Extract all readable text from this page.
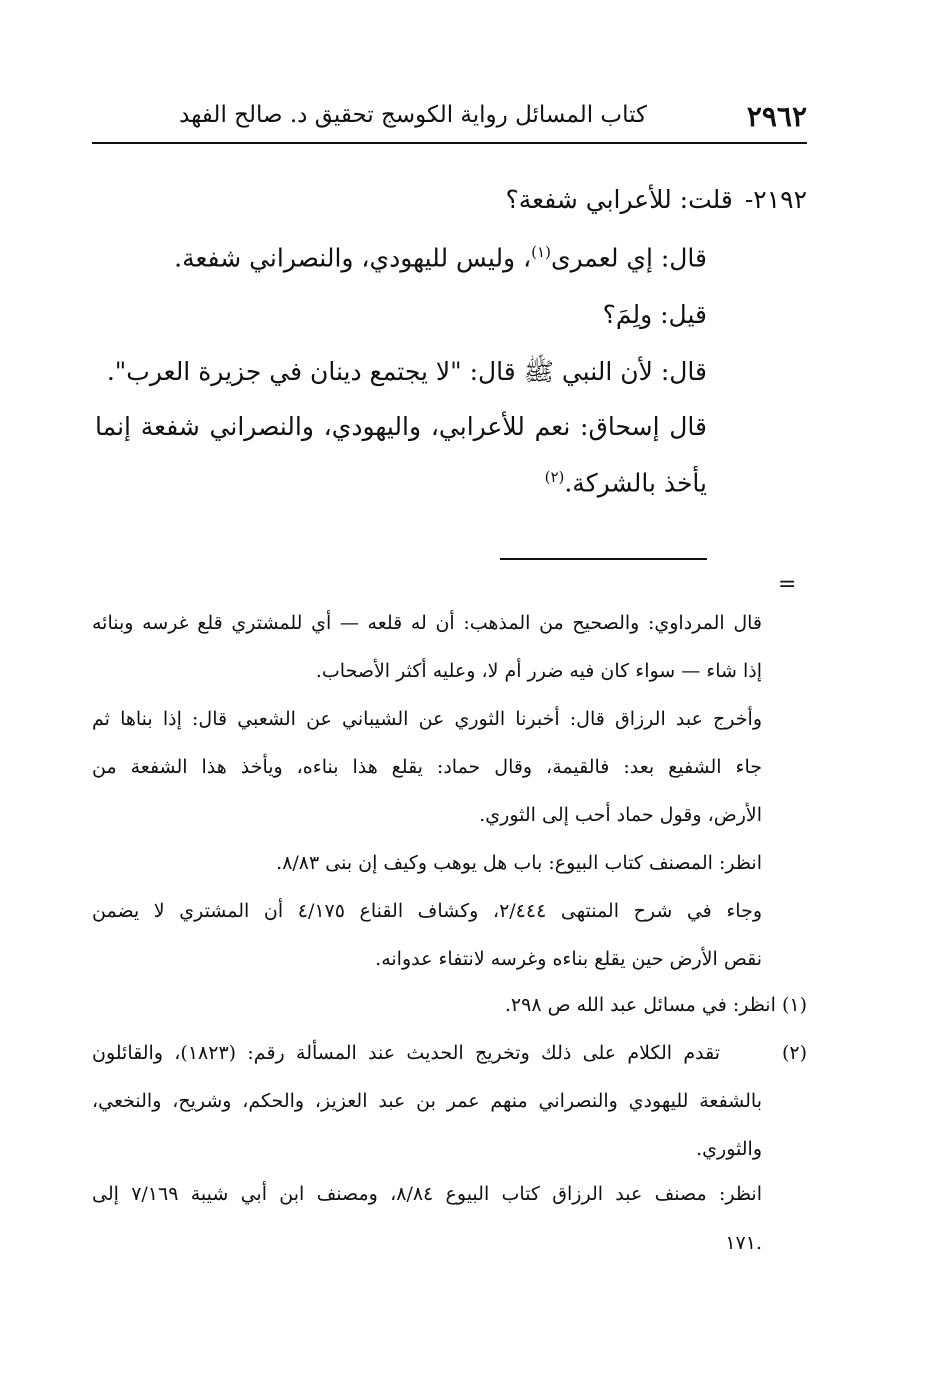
٢٩٦٢
كتاب المسائل رواية الكوسج تحقيق د. صالح الفهد
٢١٩٢- قلت: للأعرابي شفعة؟
قال: إي لعمرى$^{(١)}$، وليس لليهودي، والنصراني شفعة.
قيل: ولِمَ؟
قال: لأن النبي ﷺ قال: "لا يجتمع دينان في جزيرة العرب".
قال إسحاق: نعم للأعرابي، واليهودي، والنصراني شفعة إنما
يأخذ بالشركة.$^{(٢)}$
=
قال المرداوي: والصحيح من المذهب: أن له قلعه — أي للمشتري قلع غرسه وبنائه
إذا شاء — سواء كان فيه ضرر أم لا، وعليه أكثر الأصحاب.
وأخرج عبد الرزاق قال: أخبرنا الثوري عن الشيباني عن الشعبي قال: إذا بناها ثم
جاء الشفيع بعد: فالقيمة، وقال حماد: يقلع هذا بناءه، ويأخذ هذا الشفعة من
الأرض، وقول حماد أحب إلى الثوري.
انظر: المصنف كتاب البيوع: باب هل يوهب وكيف إن بنى ٨/٨٣.
وجاء في شرح المنتهى ٢/٤٤٤، وكشاف القناع ٤/١٧٥ أن المشتري لا يضمن
نقص الأرض حين يقلع بناءه وغرسه لانتفاء عدوانه.
(١) انظر: في مسائل عبد الله ص ٢٩٨.
(٢)
تقدم الكلام على ذلك وتخريج الحديث عند المسألة رقم: (١٨٢٣)، والقائلون
بالشفعة لليهودي والنصراني منهم عمر بن عبد العزيز، والحكم، وشريح، والنخعي،
والثوري.
انظر: مصنف عبد الرزاق كتاب البيوع ٨/٨٤، ومصنف ابن أبي شيبة ٧/١٦٩ إلى
.١٧١
